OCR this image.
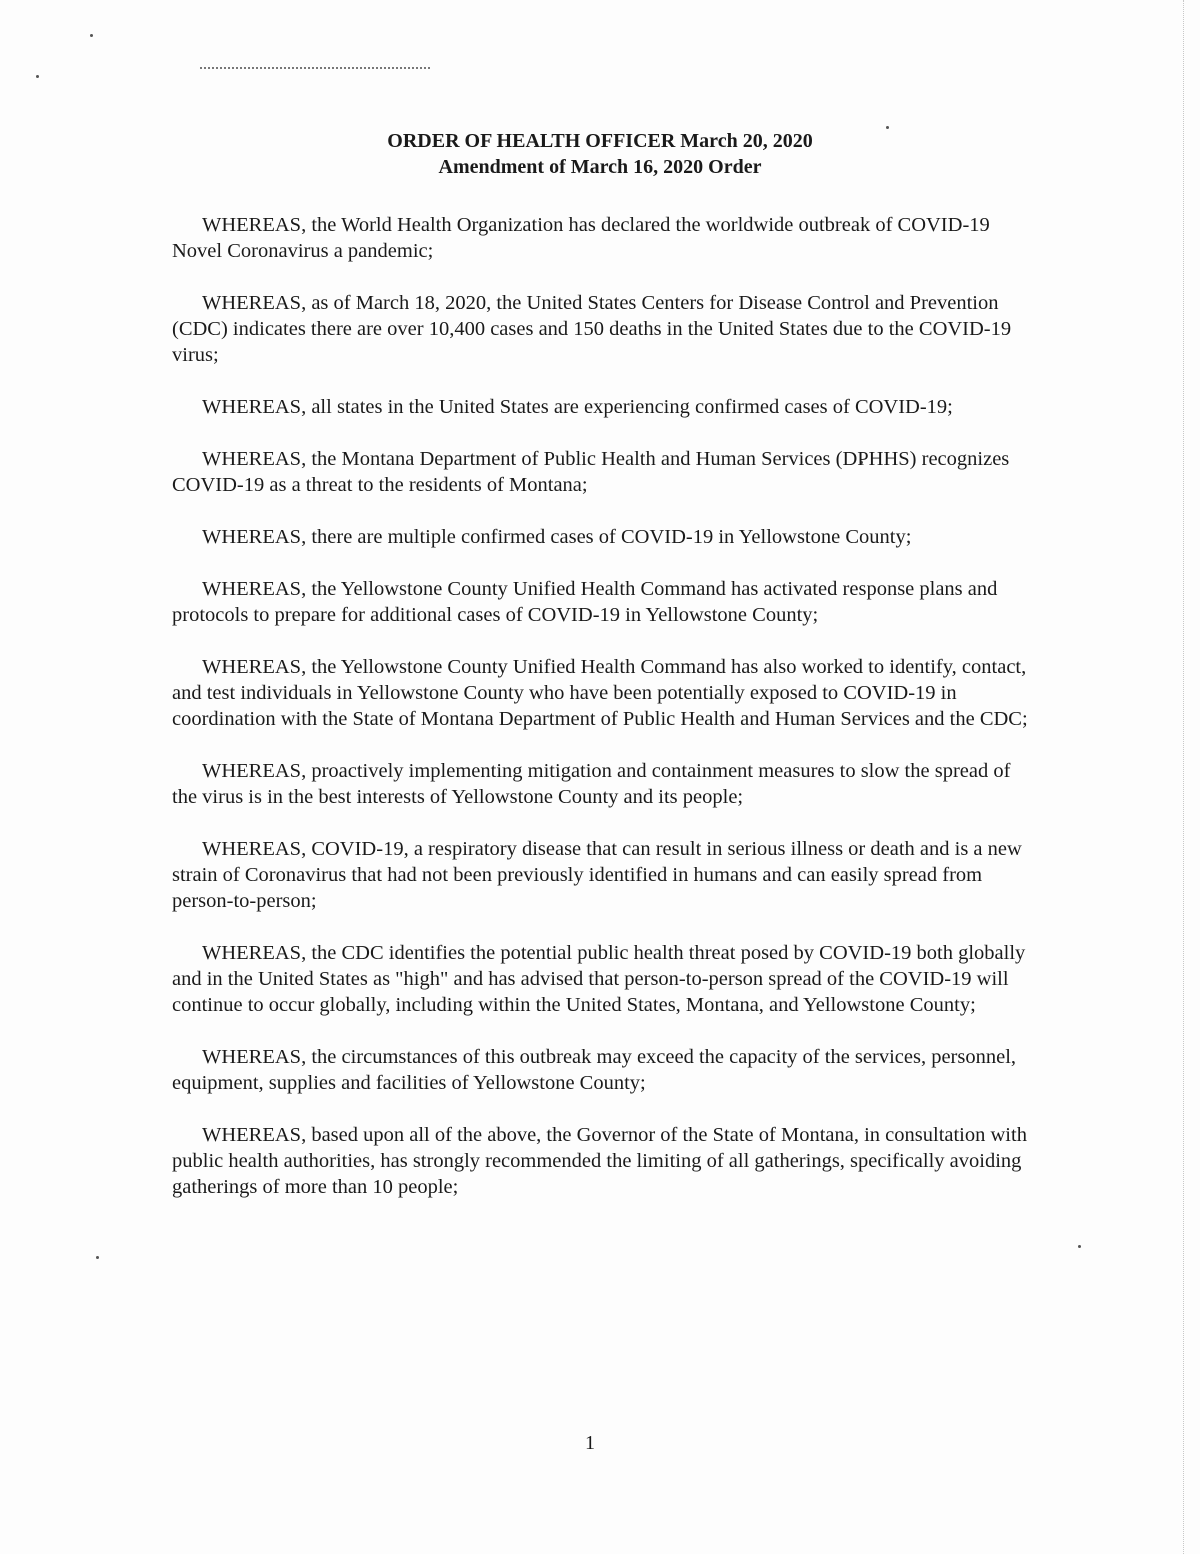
ORDER OF HEALTH OFFICER March 20, 2020
Amendment of March 16, 2020 Order

WHEREAS, the World Health Organization has declared the worldwide outbreak of COVID-19 Novel Coronavirus a pandemic;

WHEREAS, as of March 18, 2020, the United States Centers for Disease Control and Prevention (CDC) indicates there are over 10,400 cases and 150 deaths in the United States due to the COVID-19 virus;

WHEREAS, all states in the United States are experiencing confirmed cases of COVID-19;

WHEREAS, the Montana Department of Public Health and Human Services (DPHHS) recognizes COVID-19 as a threat to the residents of Montana;

WHEREAS, there are multiple confirmed cases of COVID-19 in Yellowstone County;

WHEREAS, the Yellowstone County Unified Health Command has activated response plans and protocols to prepare for additional cases of COVID-19 in Yellowstone County;

WHEREAS, the Yellowstone County Unified Health Command has also worked to identify, contact, and test individuals in Yellowstone County who have been potentially exposed to COVID-19 in coordination with the State of Montana Department of Public Health and Human Services and the CDC;

WHEREAS, proactively implementing mitigation and containment measures to slow the spread of the virus is in the best interests of Yellowstone County and its people;

WHEREAS, COVID-19, a respiratory disease that can result in serious illness or death and is a new strain of Coronavirus that had not been previously identified in humans and can easily spread from person-to-person;

WHEREAS, the CDC identifies the potential public health threat posed by COVID-19 both globally and in the United States as "high" and has advised that person-to-person spread of the COVID-19 will continue to occur globally, including within the United States, Montana, and Yellowstone County;

WHEREAS, the circumstances of this outbreak may exceed the capacity of the services, personnel, equipment, supplies and facilities of Yellowstone County;

WHEREAS, based upon all of the above, the Governor of the State of Montana, in consultation with public health authorities, has strongly recommended the limiting of all gatherings, specifically avoiding gatherings of more than 10 people;

1
